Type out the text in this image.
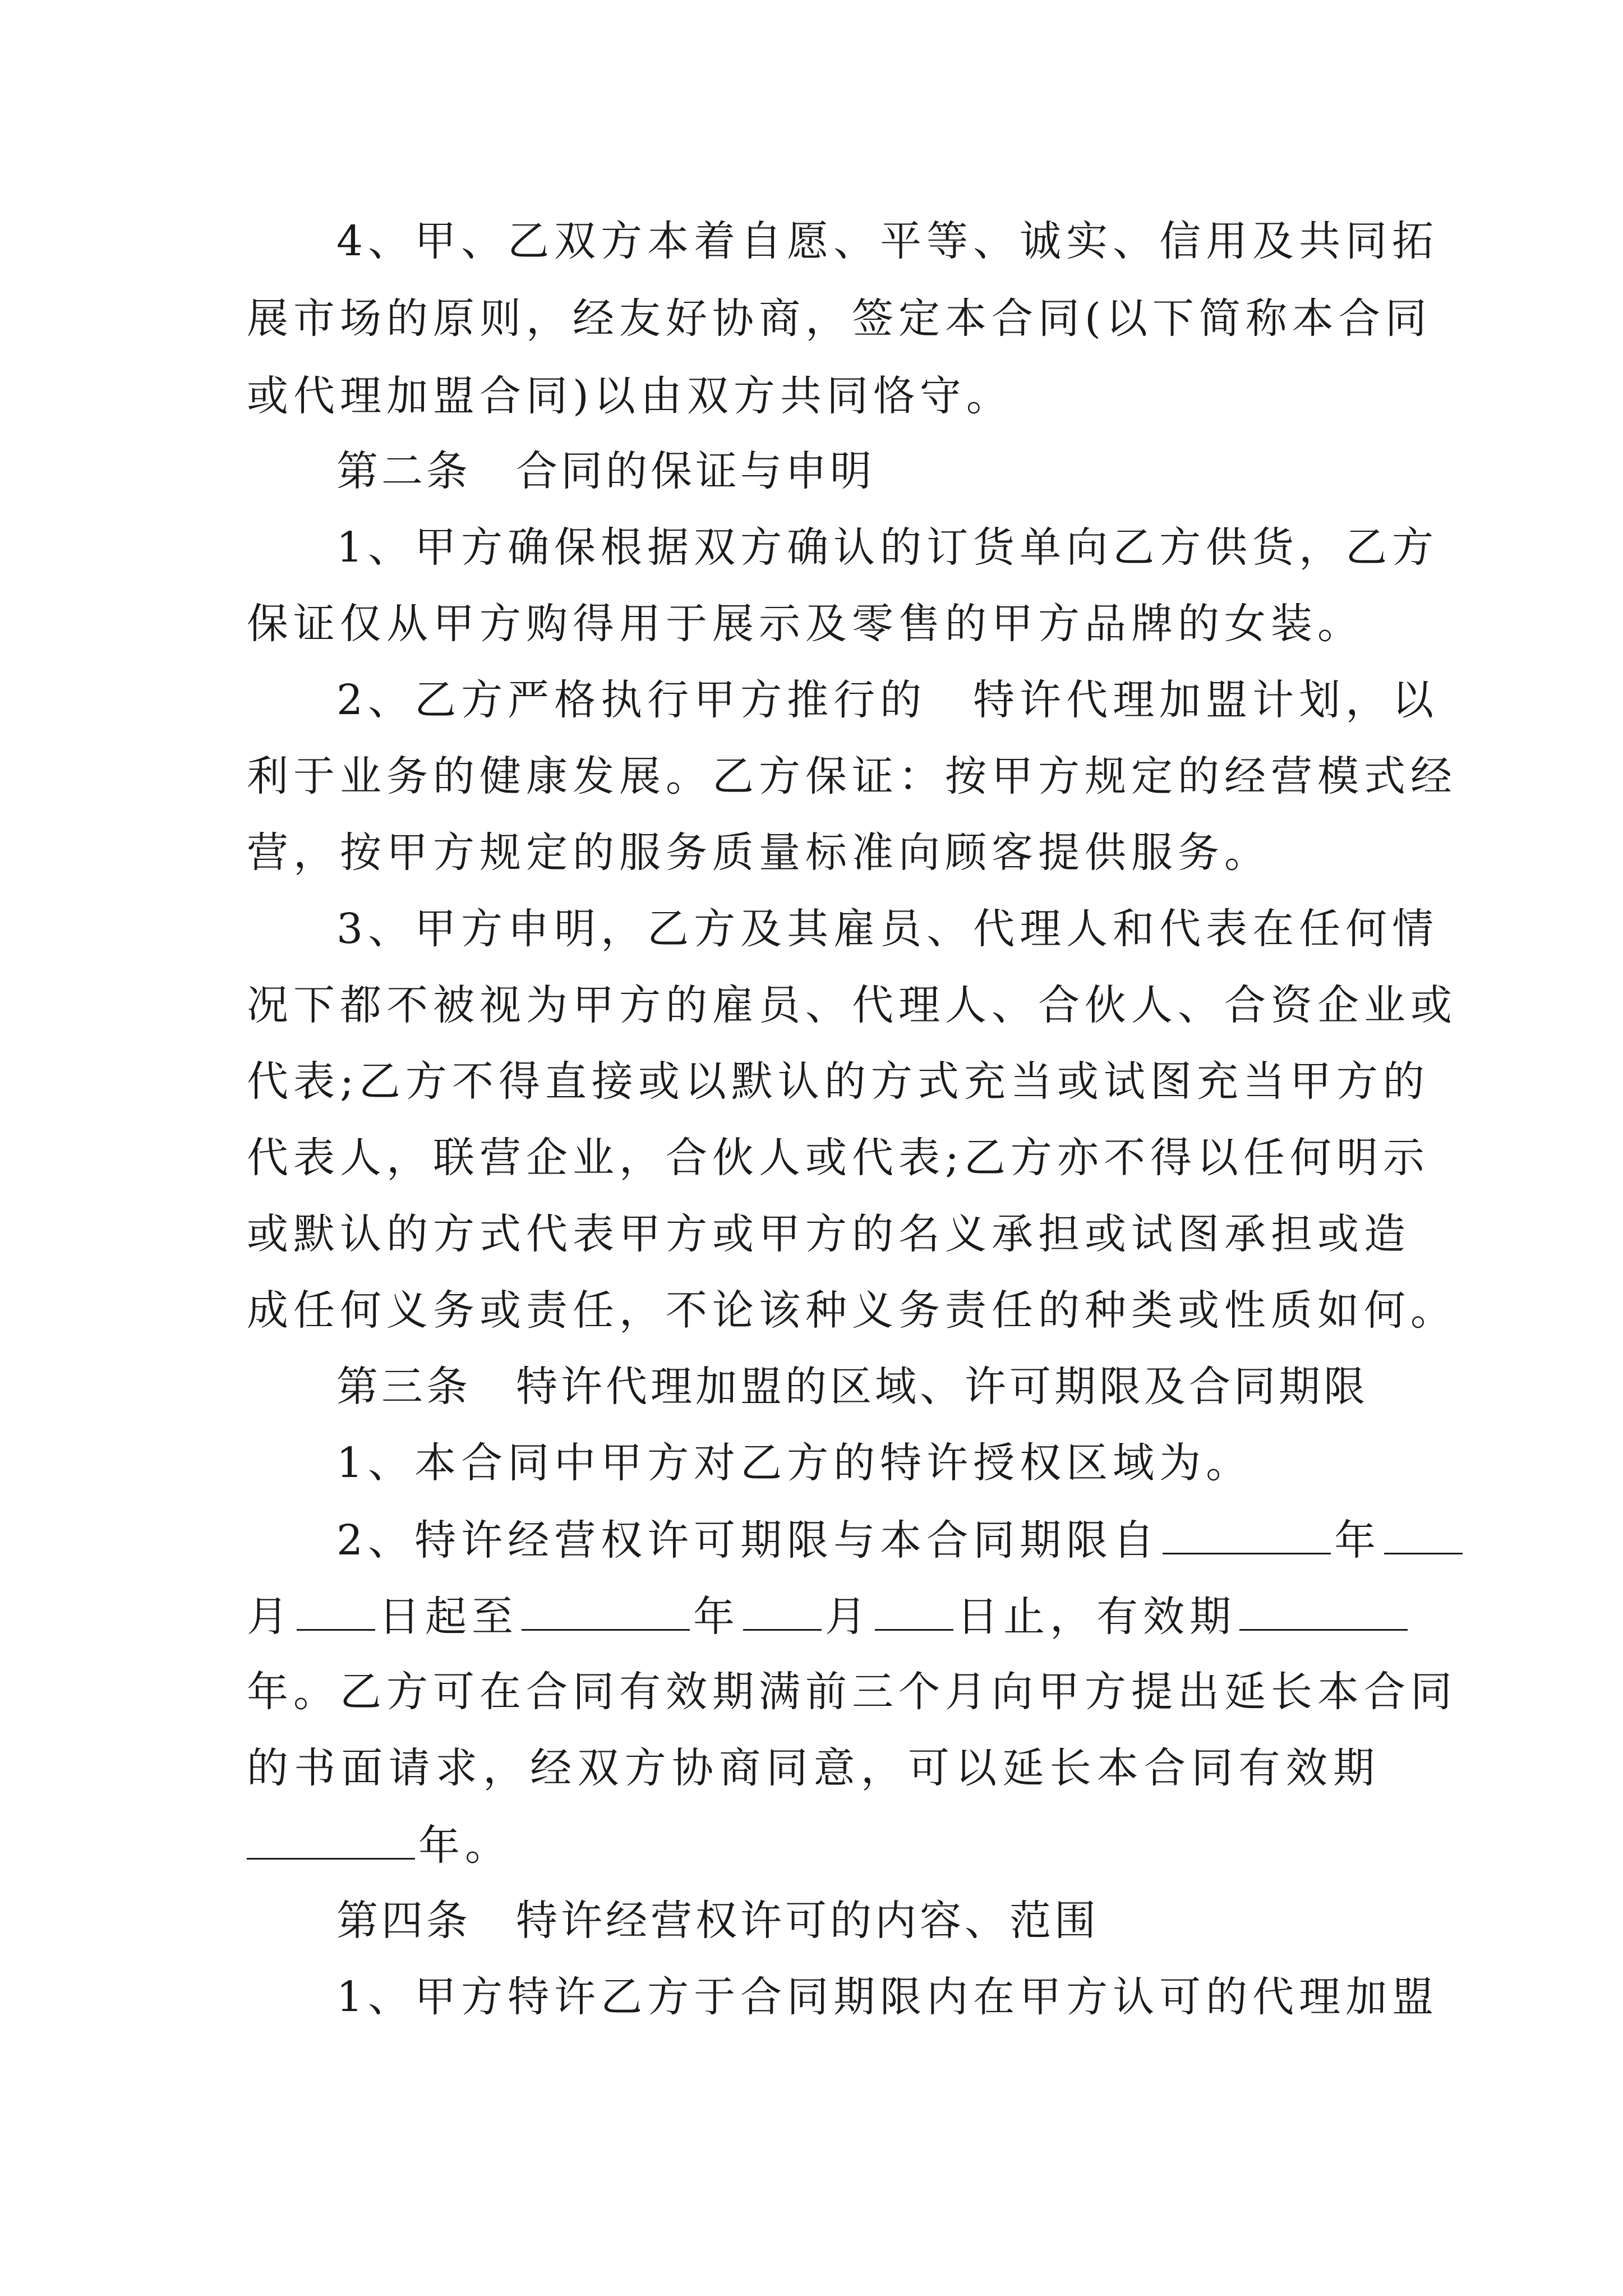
4、甲、乙双方本着自愿、平等、诚实、信用及共同拓
展市场的原则，经友好协商，签定本合同(以下简称本合同
或代理加盟合同)以由双方共同恪守。
第二条　合同的保证与申明
1、甲方确保根据双方确认的订货单向乙方供货，乙方
保证仅从甲方购得用于展示及零售的甲方品牌的女装。
2、乙方严格执行甲方推行的　特许代理加盟计划，以
利于业务的健康发展。乙方保证：按甲方规定的经营模式经
营，按甲方规定的服务质量标准向顾客提供服务。
3、甲方申明，乙方及其雇员、代理人和代表在任何情
况下都不被视为甲方的雇员、代理人、合伙人、合资企业或
代表;乙方不得直接或以默认的方式充当或试图充当甲方的
代表人，联营企业，合伙人或代表;乙方亦不得以任何明示
或默认的方式代表甲方或甲方的名义承担或试图承担或造
成任何义务或责任，不论该种义务责任的种类或性质如何。
第三条　特许代理加盟的区域、许可期限及合同期限
1、本合同中甲方对乙方的特许授权区域为。
2、特许经营权许可期限与本合同期限自	年
月 日起至	年 月 日止，有效期
年。乙方可在合同有效期满前三个月向甲方提出延长本合同
的书面请求，经双方协商同意，可以延长本合同有效期
年。
第四条　特许经营权许可的内容、范围
1、甲方特许乙方于合同期限内在甲方认可的代理加盟
